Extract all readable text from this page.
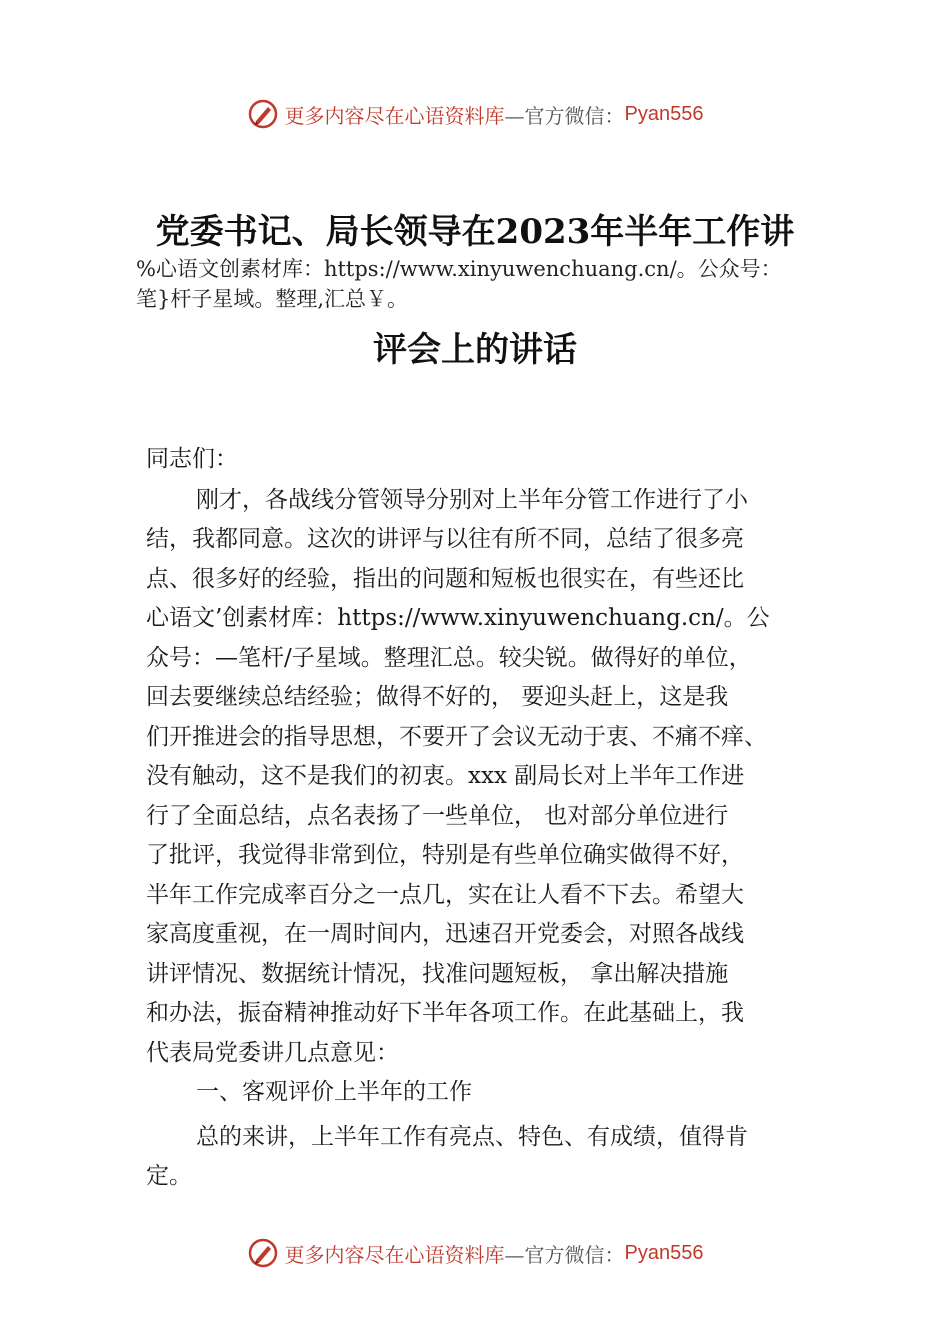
更多内容尽在心语资料库 —官方微信： Pyan556
党委书记、局长领导在2023年半年工作讲
%心语文创素材库：https://www.xinyuwenchuang.cn/。公众号：
笔}杆子星域。整理,汇总￥。
评会上的讲话
同志们：
刚才，各战线分管领导分别对上半年分管工作进行了小
结，我都同意。这次的讲评与以往有所不同，总结了很多亮
点、很多好的经验，指出的问题和短板也很实在，有些还比
心语文’创素材库：https://www.xinyuwenchuang.cn/。公
众号：—笔杆/子星域。整理汇总。较尖锐。做得好的单位，
回去要继续总结经验；做得不好的， 要迎头赶上，这是我
们开推进会的指导思想，不要开了会议无动于衷、不痛不痒、
没有触动，这不是我们的初衷。xxx 副局长对上半年工作进
行了全面总结，点名表扬了一些单位， 也对部分单位进行
了批评，我觉得非常到位，特别是有些单位确实做得不好，
半年工作完成率百分之一点几，实在让人看不下去。希望大
家高度重视，在一周时间内，迅速召开党委会，对照各战线
讲评情况、数据统计情况，找准问题短板， 拿出解决措施
和办法，振奋精神推动好下半年各项工作。在此基础上，我
代表局党委讲几点意见：
一、客观评价上半年的工作
总的来讲，上半年工作有亮点、特色、有成绩，值得肯
定。
更多内容尽在心语资料库 —官方微信： Pyan556
